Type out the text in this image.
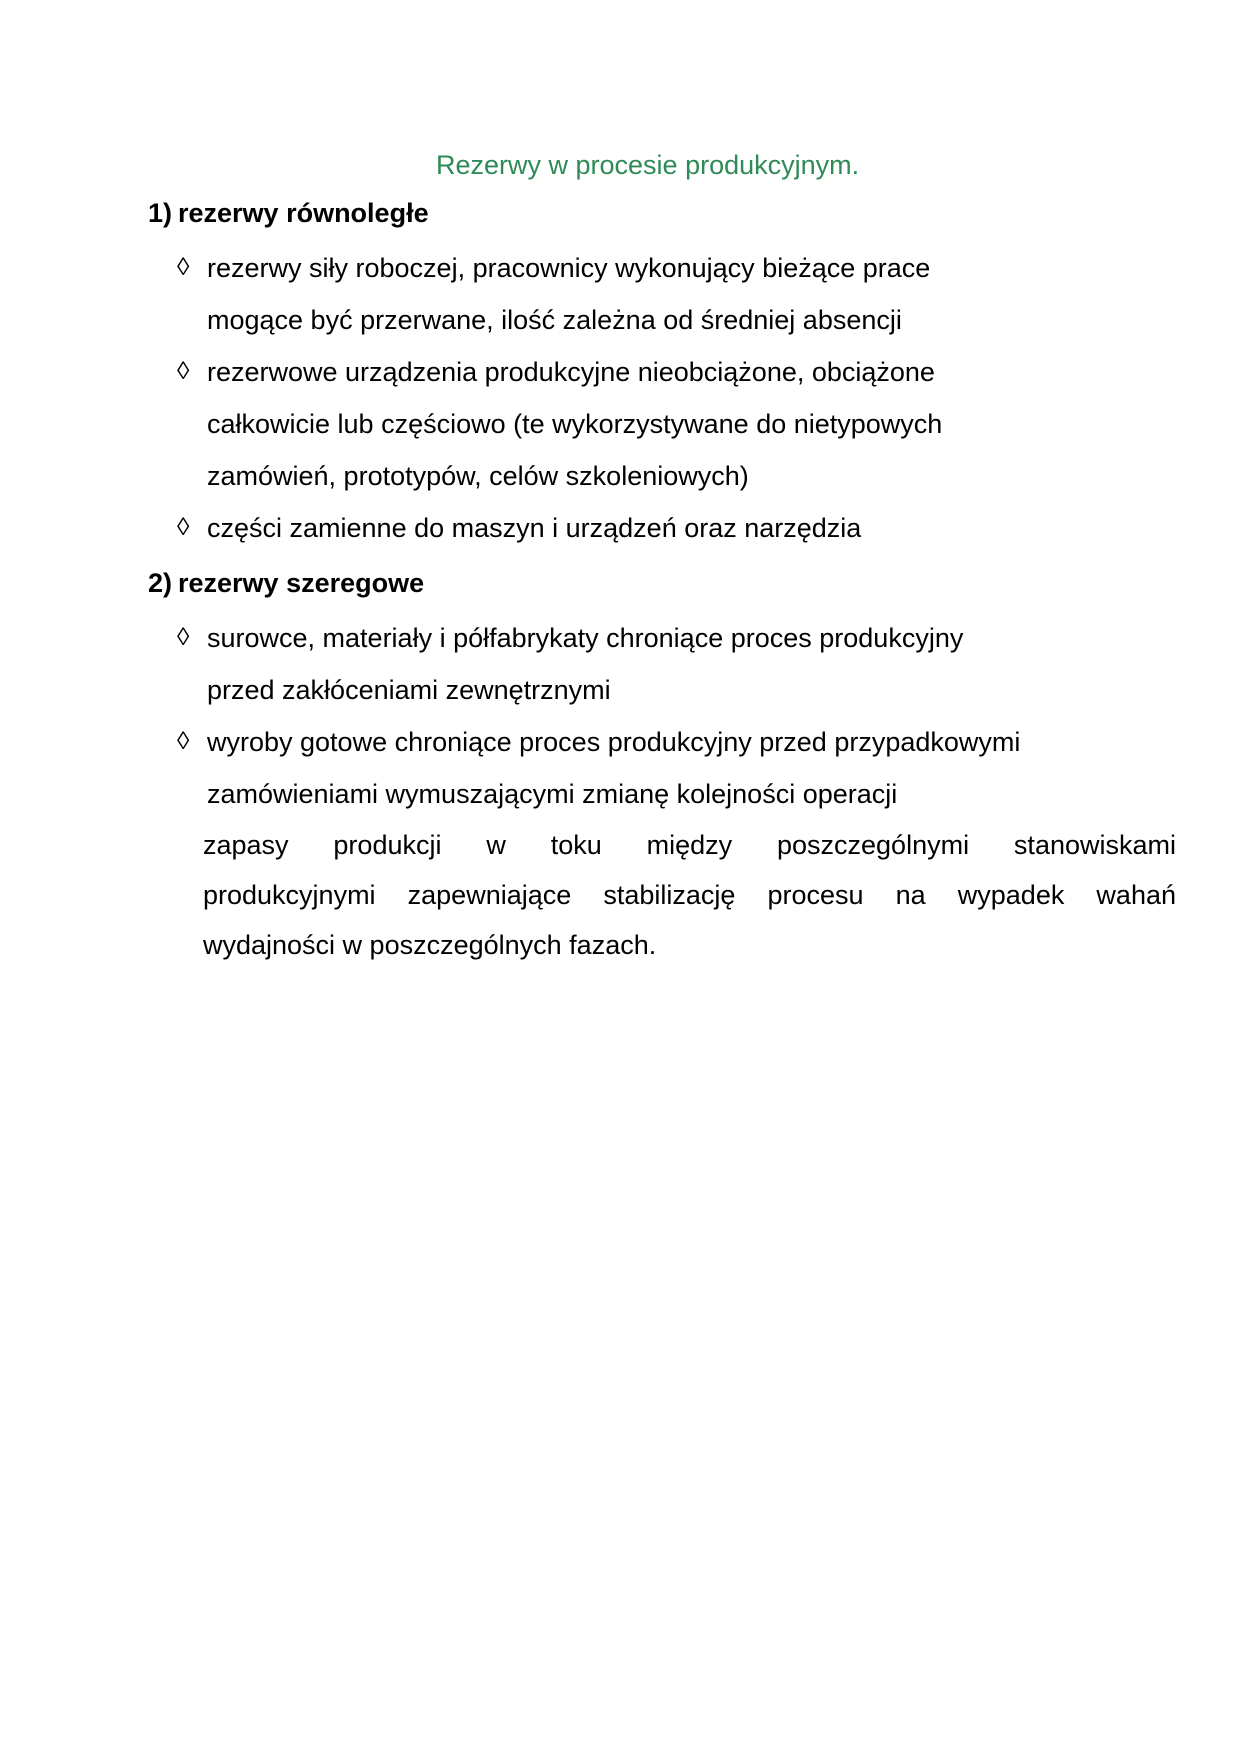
Rezerwy w procesie produkcyjnym.
1) rezerwy równoległe
◊ rezerwy siły roboczej, pracownicy wykonujący bieżące prace
mogące być przerwane, ilość zależna od średniej absencji
◊ rezerwowe urządzenia produkcyjne nieobciążone, obciążone
całkowicie lub częściowo (te wykorzystywane do nietypowych
zamówień, prototypów, celów szkoleniowych)
◊ części zamienne do maszyn i urządzeń oraz narzędzia
2) rezerwy szeregowe
◊ surowce, materiały i półfabrykaty chroniące proces produkcyjny
przed zakłóceniami zewnętrznymi
◊ wyroby gotowe chroniące proces produkcyjny przed przypadkowymi
zamówieniami wymuszającymi zmianę kolejności operacji
zapasy produkcji w toku między poszczególnymi stanowiskami
produkcyjnymi zapewniające stabilizację procesu na wypadek wahań
wydajności w poszczególnych fazach.
